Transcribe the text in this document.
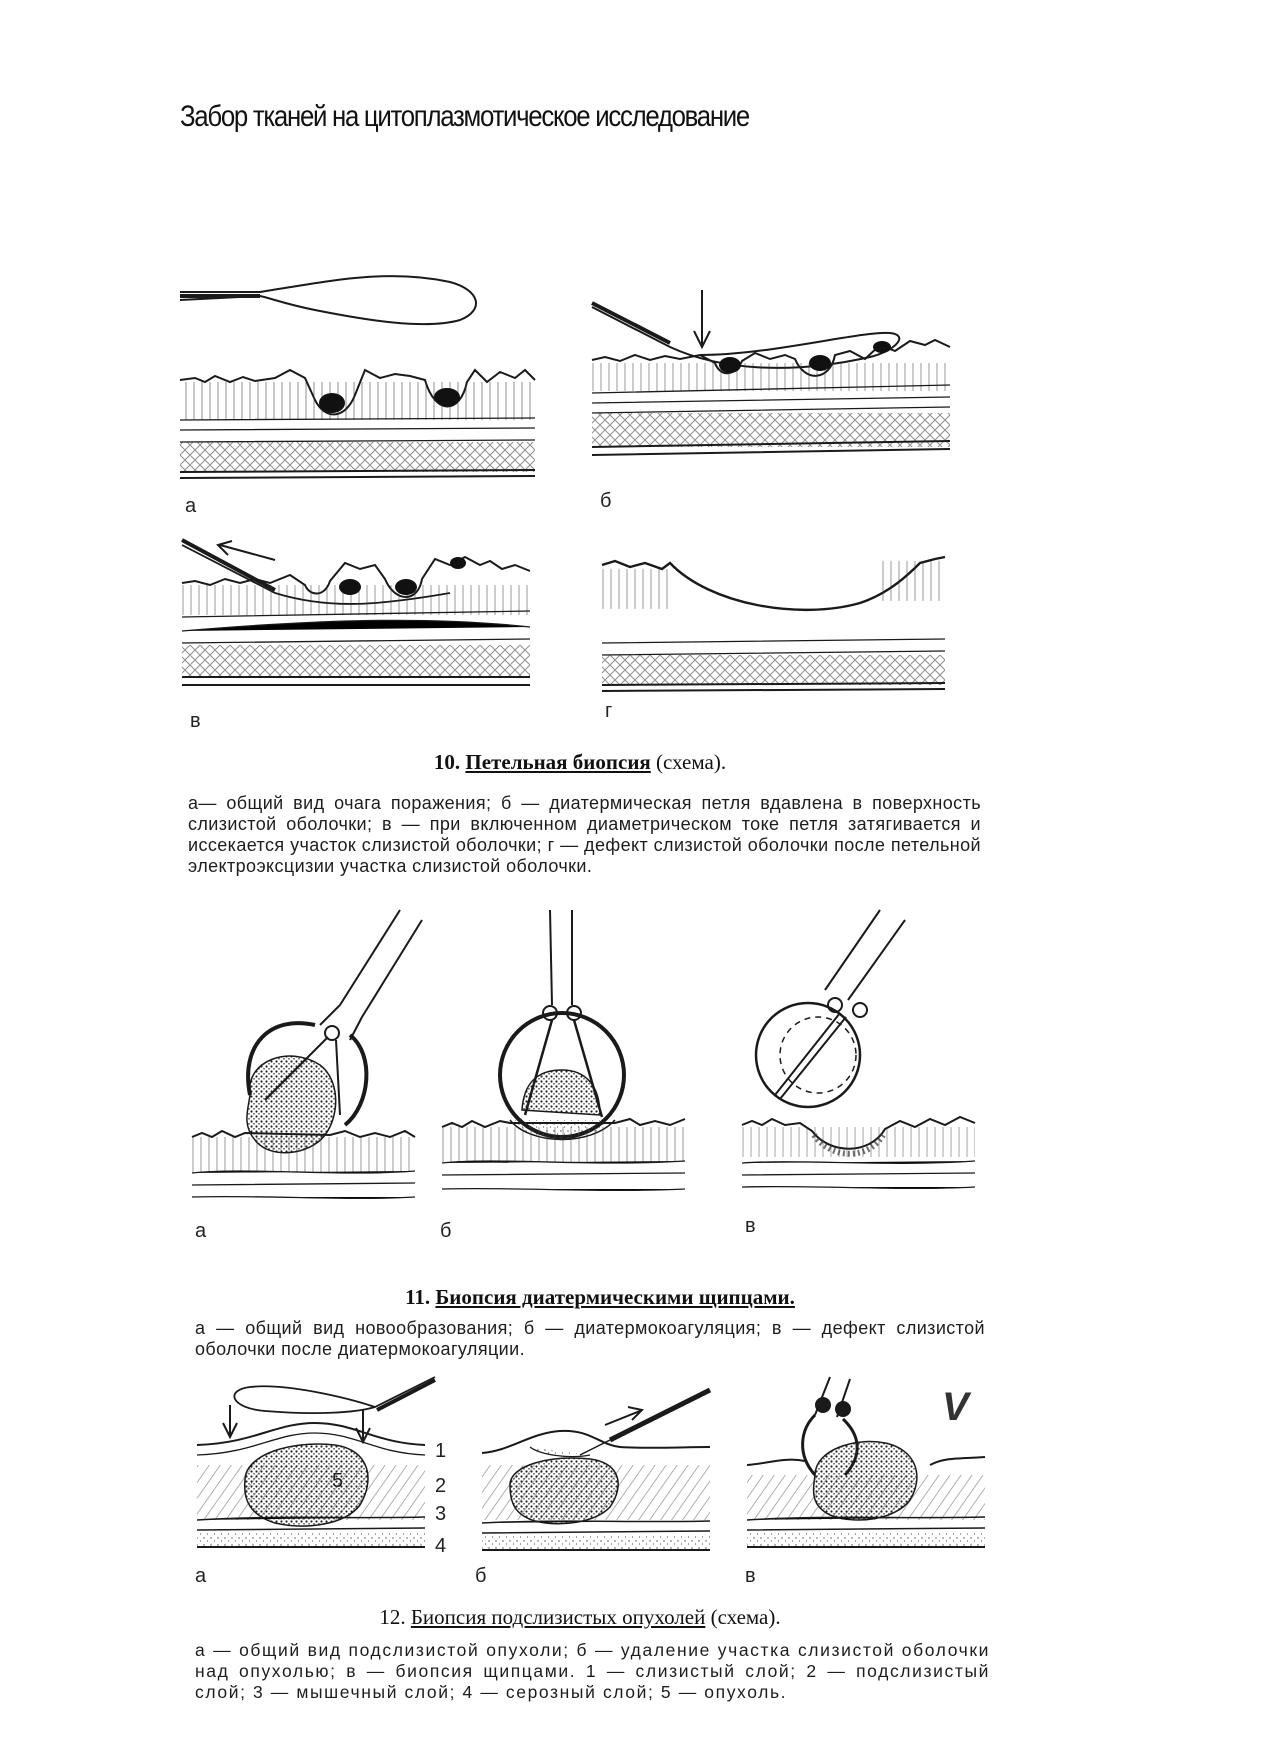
Забор тканей на цитоплазмотическое исследование
а	б
в	г
10. Петельная биопсия (схема).
а— общий вид очага поражения; б — диатермическая петля вдавлена в поверхность слизистой оболочки; в — при включенном диаметрическом токе петля затягивается и иссекается участок слизистой оболочки; г — дефект слизистой оболочки после петельной электроэксцизии участка слизистой оболочки.
а	б	в
11. Биопсия диатермическими щипцами.
а — общий вид новообразования; б — диатермокоагуляция; в — дефект слизистой оболочки после диатермокоагуляции.
1
2
3
4
5
а	б
V
в
12. Биопсия подслизистых опухолей (схема).
а — общий вид подслизистой опухоли; б — удаление участка слизистой оболочки над опухолью; в — биопсия щипцами. 1 — слизистый слой; 2 — подслизистый слой; 3 — мышечный слой; 4 — серозный слой; 5 — опухоль.
